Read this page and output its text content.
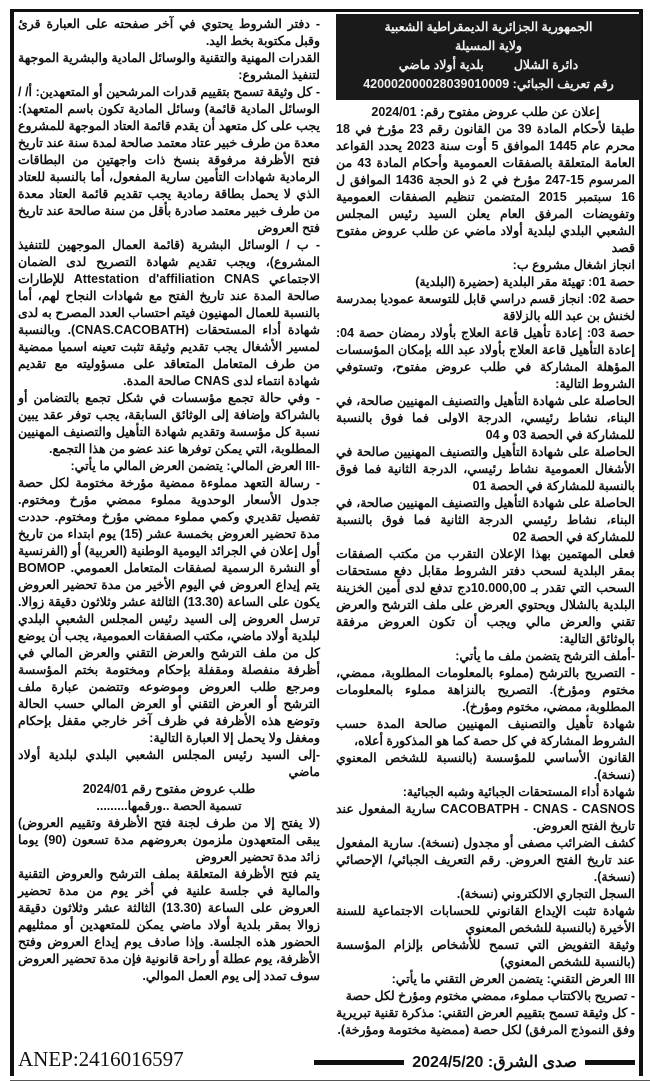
الجمهورية الجزائرية الديمقراطية الشعبية
ولاية المسيلة
دائرة الشلال
بلدية أولاد ماضي
رقم تعريف الجبائي: 420002000028039010009

إعلان عن طلب عروض مفتوح رقم: 2024/01

طبقا لأحكام المادة 39 من القانون رقم 23 مؤرخ في 18 محرم عام 1445 الموافق 5 أوت سنة 2023 يحدد القواعد العامة المتعلقة بالصفقات العمومية وأحكام المادة 43 من المرسوم 15-247 مؤرخ في 2 ذو الحجة 1436 الموافق ل 16 سبتمبر 2015 المتضمن تنظيم الصفقات العمومية وتفويضات المرفق العام يعلن السيد رئيس المجلس الشعبي البلدي لبلدية أولاد ماضي عن طلب عروض مفتوح قصد

انجاز اشغال مشروع ب:

حصة 01: تهيئة مقر البلدية (حضيرة (البلدية)

حصة 02: انجاز قسم دراسي قابل للتوسعة عموديا بمدرسة لخنش بن عبد الله بالزلاقة

حصة 03: إعادة تأهيل قاعة العلاج بأولاد رمضان حصة 04: إعادة التأهيل قاعة العلاج بأولاد عبد الله بإمكان المؤسسات المؤهلة المشاركة في طلب عروض مفتوح، وتستوفي الشروط التالية:

الحاصلة على شهادة التأهيل والتصنيف المهنيين صالحة، في البناء، نشاط رئيسي، الدرجة الاولى فما فوق بالنسبة للمشاركة في الحصة 03 و 04

الحاصلة على شهادة التأهيل والتصنيف المهنيين صالحة في الأشغال العمومية نشاط رئيسي، الدرجة الثانية فما فوق بالنسبة للمشاركة في الحصة 01

الحاصلة على شهادة التأهيل والتصنيف المهنيين صالحة، في البناء، نشاط رئيسي الدرجة الثانية فما فوق بالنسبة للمشاركة في الحصة 02

فعلى المهتمين بهذا الإعلان التقرب من مكتب الصفقات بمقر البلدية لسحب دفتر الشروط مقابل دفع مستحقات السحب التي تقدر بـ 10.000,00دج تدفع لدى أمين الخزينة البلدية بالشلال ويحتوي العرض على ملف الترشح والعرض تقني والعرض مالي ويجب أن تكون العروض مرفقة بالوثائق التالية:

-أملف الترشح يتضمن ملف ما يأتي:

- التصريح بالترشح (مملوء بالمعلومات المطلوبة، ممضي، مختوم ومؤرخ). التصريح بالنزاهة مملوء بالمعلومات المطلوبة، ممضي، مختوم ومؤرخ).

شهادة تأهيل والتصنيف المهنيين صالحة المدة حسب الشروط المشاركة في كل حصة كما هو المذكورة أعلاه،

القانون الأساسي للمؤسسة (بالنسبة للشخص المعنوي (نسخة).

شهادة أداء المستحقات الجبائية وشبه الجبائية:

CACOBATPH - CNAS - CASNOS سارية المفعول عند تاريخ الفتح العروض.

كشف الضرائب مصفى أو مجدول (نسخة). سارية المفعول عند تاريخ الفتح العروض. رقم التعريف الجبائي/ الإحصائي (نسخة).

السجل التجاري الالكتروني (نسخة).

شهادة تثبت الإيداع القانوني للحسابات الاجتماعية للسنة الأخيرة (بالنسبة للشخص المعنوي

وثيقة التفويض التي تسمح للأشخاص بإلزام المؤسسة (بالنسبة للشخص المعنوي)

III العرض التقني: يتضمن العرض التقني ما يأتي:

- تصريح بالاكتتاب مملوء، ممضي مختوم ومؤرخ لكل حصة

- كل وثيقة تسمح بتقييم العرض التقني: مذكرة تقنية تبريرية وفق النموذج المرفق) لكل حصة (ممضية مختومة ومؤرخة).

- دفتر الشروط يحتوي في آخر صفحته على العبارة قرئ وقبل مكتوبة بخط اليد.

القدرات المهنية والتقنية والوسائل المادية والبشرية الموجهة لتنفيذ المشروع:

- كل وثيقة تسمح بتقييم قدرات المرشحين أو المتعهدين: أ/ / الوسائل المادية قائمة) وسائل المادية تكون باسم المتعهد): يجب على كل متعهد أن يقدم قائمة العتاد الموجهة للمشروع معدة من طرف خبير عتاد معتمد صالحة لمدة سنة عند تاريخ فتح الأظرفة مرفوقة بنسخ ذات واجهتين من البطاقات الرمادية شهادات التأمين سارية المفعول، أما بالنسبة للعتاد الذي لا يحمل بطاقة رمادية يجب تقديم قائمة العتاد معدة من طرف خبير معتمد صادرة بأقل من سنة صالحة عند تاريخ فتح العروض

- ب / الوسائل البشرية (قائمة العمال الموجهين للتنفيذ المشروع)، ويجب تقديم شهادة التصريح لدى الضمان الاجتماعي Attestation d'affiliation CNAS للإطارات صالحة المدة عند تاريخ الفتح مع شهادات النجاح لهم، أما بالنسبة للعمال المهنيون فيتم احتساب العدد المصرح به لدى شهادة أداء المستحقات (CNAS.CACOBATH). وبالنسبة لمسير الأشغال يجب تقديم وثيقة تثبت تعينه اسميا ممضية من طرف المتعامل المتعاقد على مسؤوليته مع تقديم شهادة انتماء لدى CNAS صالحة المدة.

- وفي حالة تجمع مؤسسات في شكل تجمع بالتضامن أو بالشراكة وإضافة إلى الوثائق السابقة، يجب توفر عقد يبين نسبة كل مؤسسة وتقديم شهادة التأهيل والتصنيف المهنيين المطلوبة، التي يمكن توفرها عند عضو من هذا التجمع.

-III العرض المالي: يتضمن العرض المالي ما يأتي:

- رسالة التعهد مملوءة ممضية مؤرخة مختومة لكل حصة جدول الأسعار الوحدوية مملوء ممضي مؤرخ ومختوم. تفصيل تقديري وكمي مملوء ممضي مؤرخ ومختوم. حددت مدة تحضير العروض بخمسة عشر (15) يوم ابتداء من تاريخ أول إعلان في الجرائد اليومية الوطنية (العربية) أو (الفرنسية أو النشرة الرسمية لصفقات المتعامل العمومي. BOMOP يتم إيداع العروض في اليوم الأخير من مدة تحضير العروض يكون على الساعة (13.30) الثالثة عشر وثلاثون دقيقة زوالا. ترسل العروض إلى السيد رئيس المجلس الشعبي البلدي لبلدية أولاد ماضي، مكتب الصفقات العمومية، يجب أن يوضع كل من ملف الترشح والعرض التقني والعرض المالي في أظرفة منفصلة ومقفلة بإحكام ومختومة بختم المؤسسة ومرجع طلب العروض وموضوعه وتتضمن عبارة ملف الترشح أو العرض التقني أو العرض المالي حسب الحالة وتوضع هذه الأظرفة في ظرف آخر خارجي مقفل بإحكام ومغفل ولا يحمل إلا العبارة التالية:

-إلى السيد رئيس المجلس الشعبي البلدي لبلدية أولاد ماضي

طلب عروض مفتوح رقم 2024/01

تسمية الحصة ..ورقمها.........

(لا يفتح إلا من طرف لجنة فتح الأظرفة وتقييم العروض) يبقى المتعهدون ملزمون بعروضهم مدة تسعون (90) يوما زائد مدة تحضير العروض

يتم فتح الأظرفة المتعلقة بملف الترشح والعروض التقنية والمالية في جلسة علنية في أخر يوم من مدة تحضير العروض على الساعة (13.30) الثالثة عشر وثلاثون دقيقة زوالا بمقر بلدية أولاد ماضي يمكن للمتعهدين أو ممثليهم الحضور هذه الجلسة. وإذا صادف يوم إيداع العروض وفتح الأظرفة، يوم عطلة أو راحة قانونية فإن مدة تحضير العروض سوف تمدد إلى يوم العمل الموالي.

ANEP:2416016597	صدى الشرق: 2024/5/20
